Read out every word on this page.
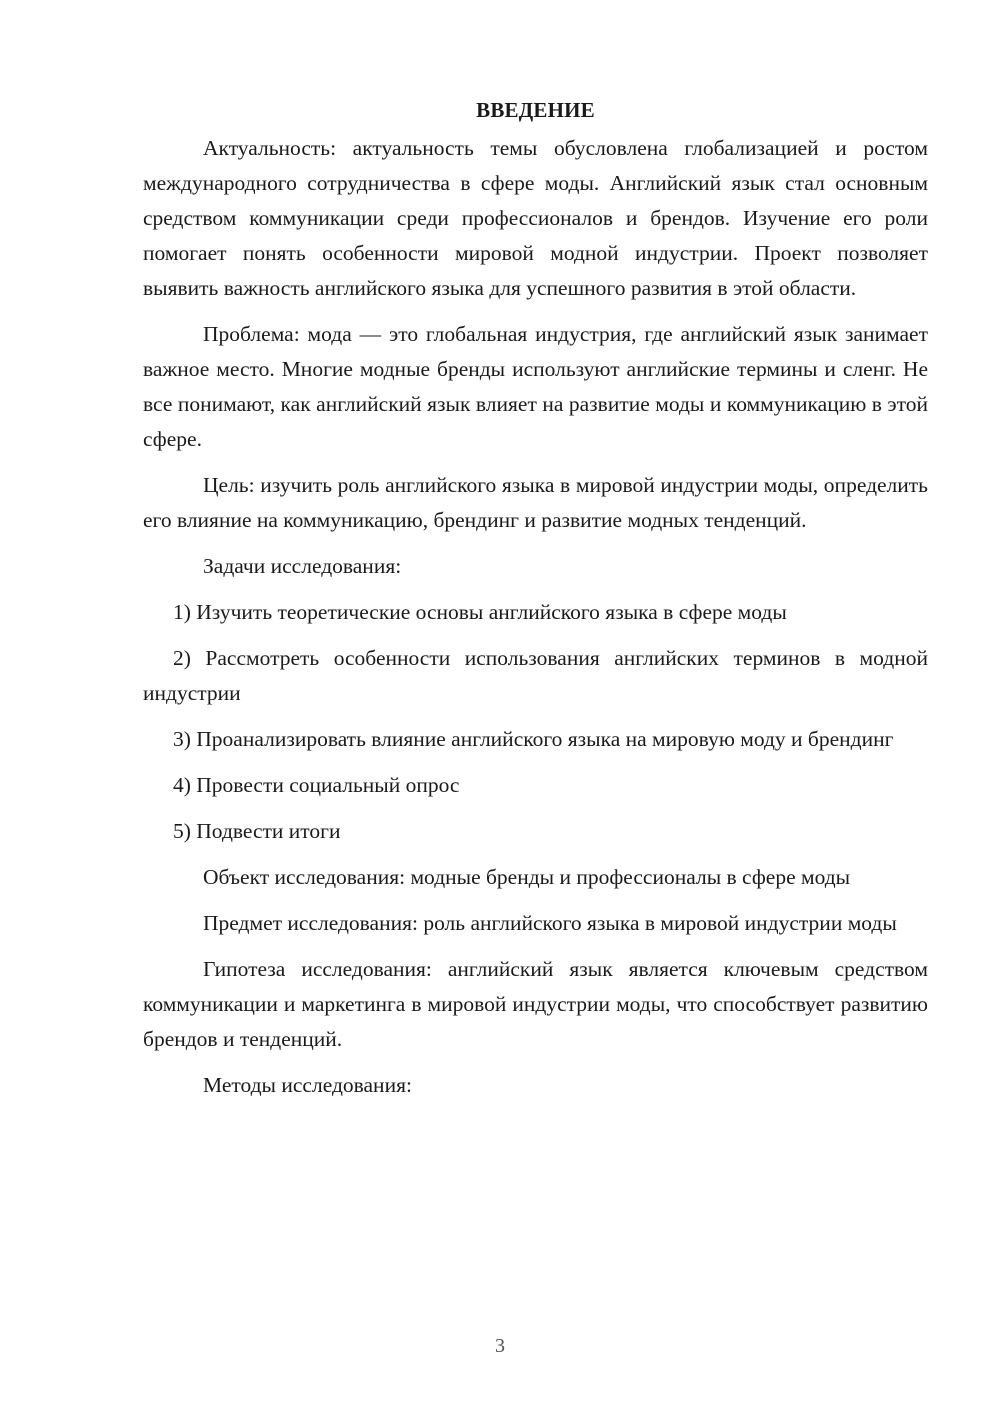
ВВЕДЕНИЕ

Актуальность: актуальность темы обусловлена глобализацией и ростом международного сотрудничества в сфере моды. Английский язык стал основным средством коммуникации среди профессионалов и брендов. Изучение его роли помогает понять особенности мировой модной индустрии. Проект позволяет выявить важность английского языка для успешного развития в этой области.

Проблема: мода — это глобальная индустрия, где английский язык занимает важное место. Многие модные бренды используют английские термины и сленг. Не все понимают, как английский язык влияет на развитие моды и коммуникацию в этой сфере.

Цель: изучить роль английского языка в мировой индустрии моды, определить его влияние на коммуникацию, брендинг и развитие модных тенденций.

Задачи исследования:

1) Изучить теоретические основы английского языка в сфере моды

2) Рассмотреть особенности использования английских терминов в модной индустрии

3) Проанализировать влияние английского языка на мировую моду и брендинг

4) Провести социальный опрос

5) Подвести итоги

Объект исследования: модные бренды и профессионалы в сфере моды

Предмет исследования: роль английского языка в мировой индустрии моды

Гипотеза исследования: английский язык является ключевым средством коммуникации и маркетинга в мировой индустрии моды, что способствует развитию брендов и тенденций.

Методы исследования:

3
